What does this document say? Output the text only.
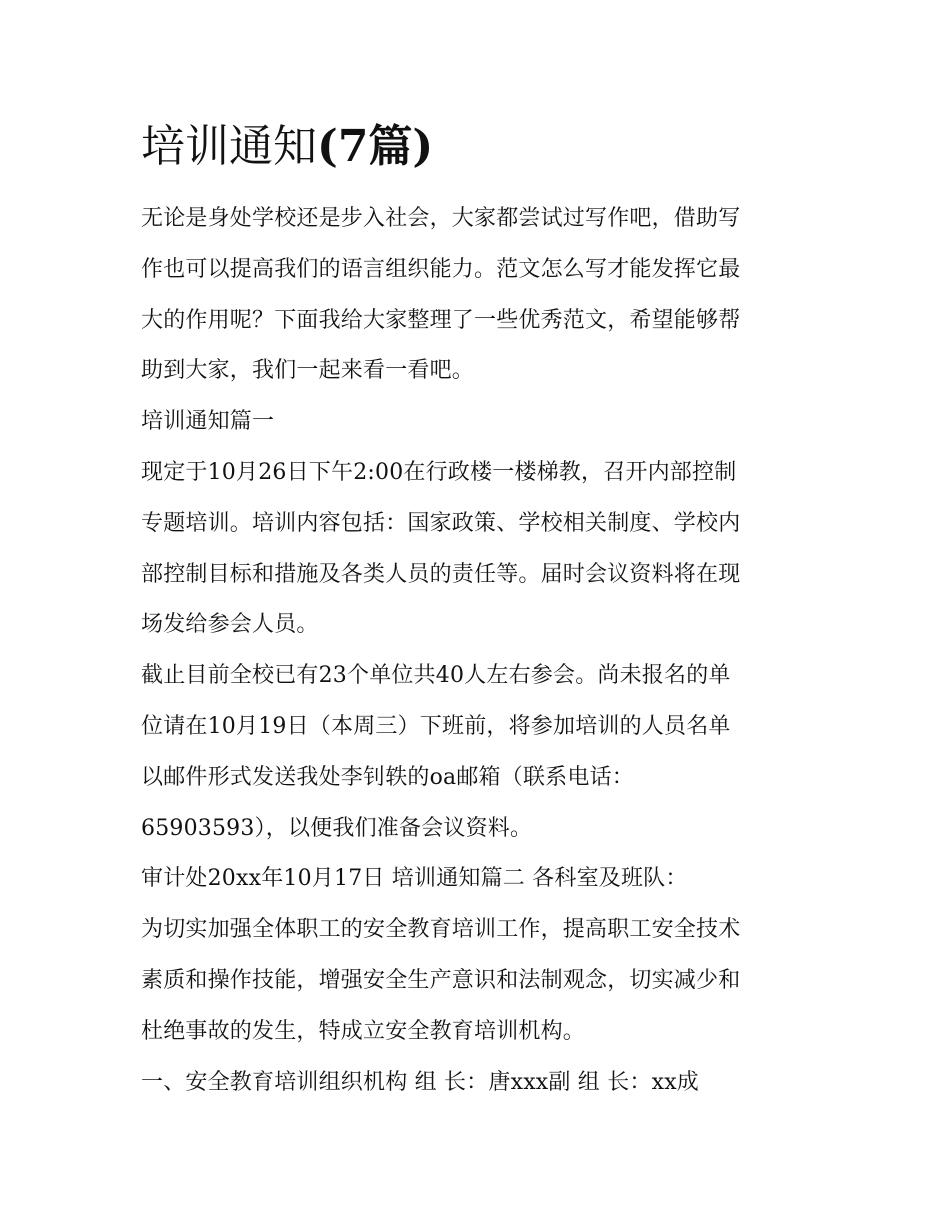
培训通知(7篇)

无论是身处学校还是步入社会，大家都尝试过写作吧，借助写

作也可以提高我们的语言组织能力。范文怎么写才能发挥它最

大的作用呢？下面我给大家整理了一些优秀范文，希望能够帮

助到大家，我们一起来看一看吧。

培训通知篇一

现定于10月26日下午2:00在行政楼一楼梯教，召开内部控制

专题培训。培训内容包括：国家政策、学校相关制度、学校内

部控制目标和措施及各类人员的责任等。届时会议资料将在现

场发给参会人员。

截止目前全校已有23个单位共40人左右参会。尚未报名的单

位请在10月19日（本周三）下班前，将参加培训的人员名单

以邮件形式发送我处李钊轶的oa邮箱（联系电话：

65903593），以便我们准备会议资料。

审计处20xx年10月17日 培训通知篇二 各科室及班队：

为切实加强全体职工的安全教育培训工作，提高职工安全技术

素质和操作技能，增强安全生产意识和法制观念，切实减少和

杜绝事故的发生，特成立安全教育培训机构。

一、安全教育培训组织机构 组 长：唐xxx副 组 长：xx成
